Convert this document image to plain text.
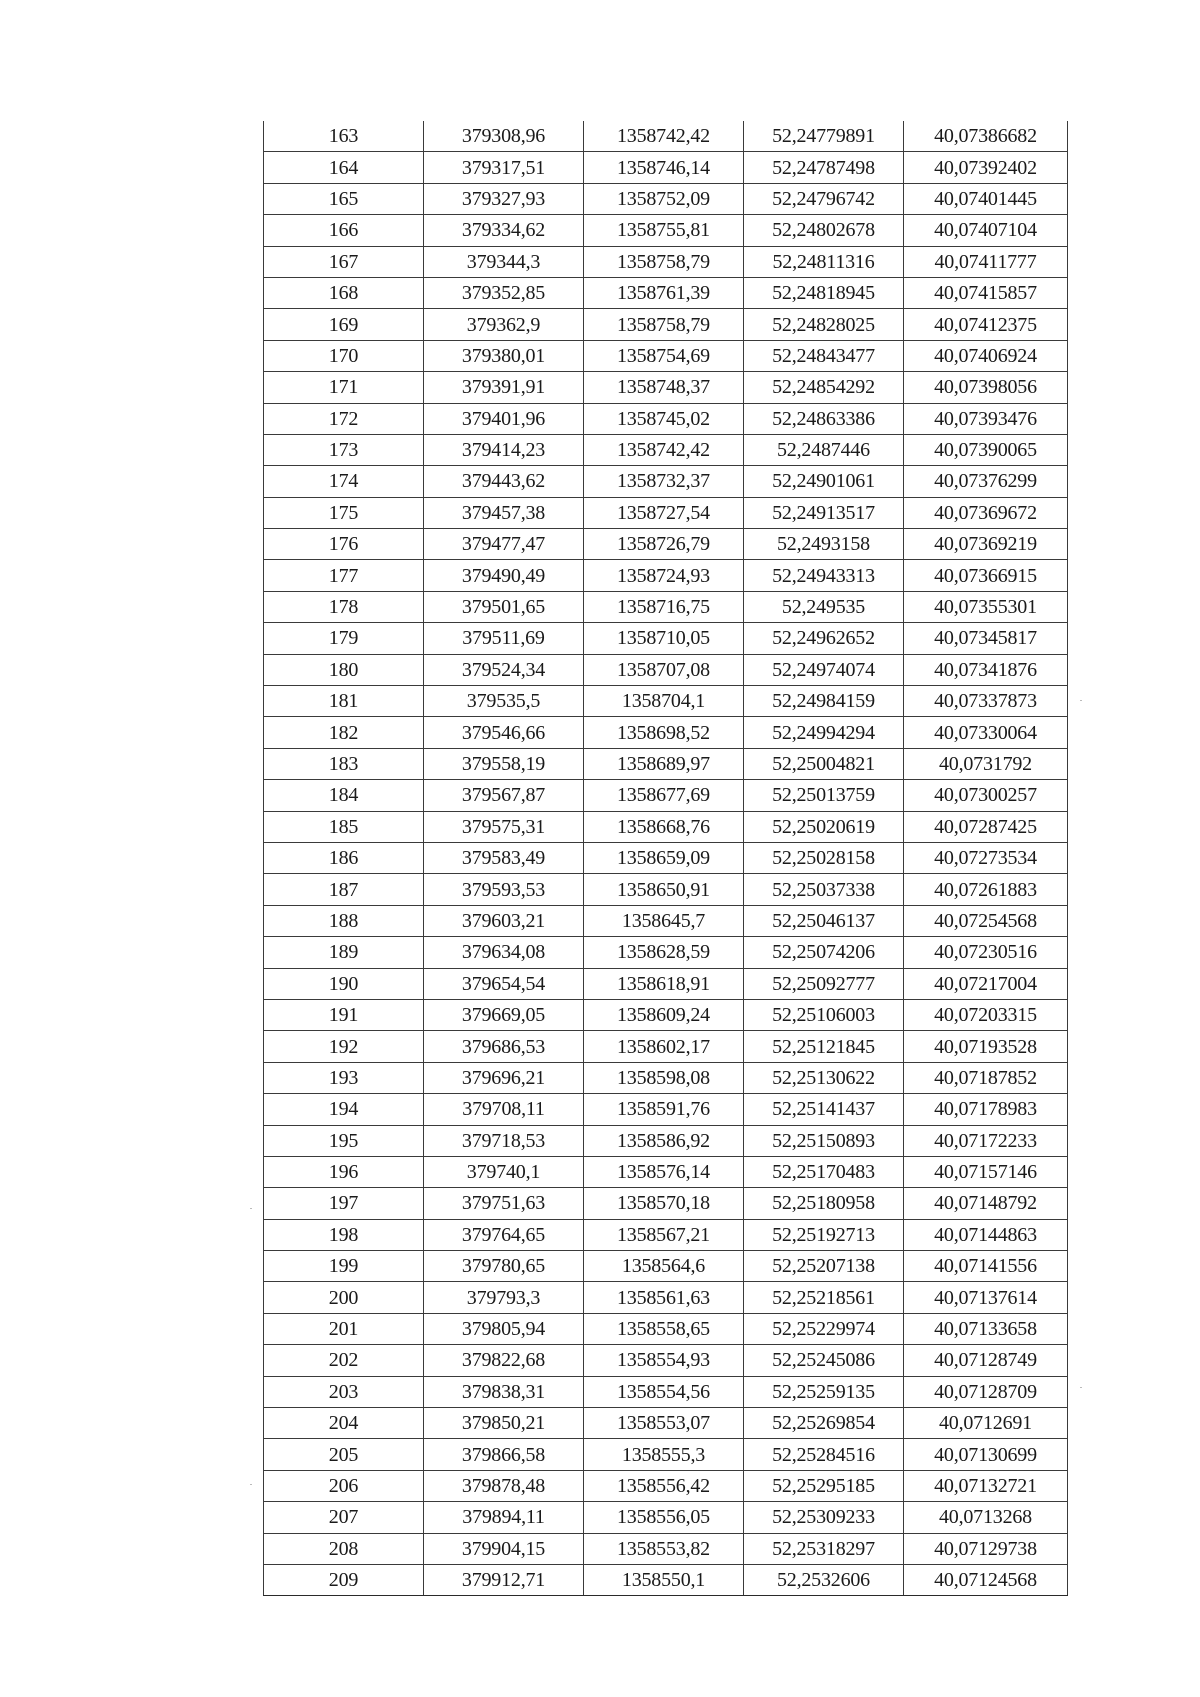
163	379308,96	1358742,42	52,24779891	40,07386682
164	379317,51	1358746,14	52,24787498	40,07392402
165	379327,93	1358752,09	52,24796742	40,07401445
166	379334,62	1358755,81	52,24802678	40,07407104
167	379344,3	1358758,79	52,24811316	40,07411777
168	379352,85	1358761,39	52,24818945	40,07415857
169	379362,9	1358758,79	52,24828025	40,07412375
170	379380,01	1358754,69	52,24843477	40,07406924
171	379391,91	1358748,37	52,24854292	40,07398056
172	379401,96	1358745,02	52,24863386	40,07393476
173	379414,23	1358742,42	52,2487446	40,07390065
174	379443,62	1358732,37	52,24901061	40,07376299
175	379457,38	1358727,54	52,24913517	40,07369672
176	379477,47	1358726,79	52,2493158	40,07369219
177	379490,49	1358724,93	52,24943313	40,07366915
178	379501,65	1358716,75	52,249535	40,07355301
179	379511,69	1358710,05	52,24962652	40,07345817
180	379524,34	1358707,08	52,24974074	40,07341876
181	379535,5	1358704,1	52,24984159	40,07337873
182	379546,66	1358698,52	52,24994294	40,07330064
183	379558,19	1358689,97	52,25004821	40,0731792
184	379567,87	1358677,69	52,25013759	40,07300257
185	379575,31	1358668,76	52,25020619	40,07287425
186	379583,49	1358659,09	52,25028158	40,07273534
187	379593,53	1358650,91	52,25037338	40,07261883
188	379603,21	1358645,7	52,25046137	40,07254568
189	379634,08	1358628,59	52,25074206	40,07230516
190	379654,54	1358618,91	52,25092777	40,07217004
191	379669,05	1358609,24	52,25106003	40,07203315
192	379686,53	1358602,17	52,25121845	40,07193528
193	379696,21	1358598,08	52,25130622	40,07187852
194	379708,11	1358591,76	52,25141437	40,07178983
195	379718,53	1358586,92	52,25150893	40,07172233
196	379740,1	1358576,14	52,25170483	40,07157146
197	379751,63	1358570,18	52,25180958	40,07148792
198	379764,65	1358567,21	52,25192713	40,07144863
199	379780,65	1358564,6	52,25207138	40,07141556
200	379793,3	1358561,63	52,25218561	40,07137614
201	379805,94	1358558,65	52,25229974	40,07133658
202	379822,68	1358554,93	52,25245086	40,07128749
203	379838,31	1358554,56	52,25259135	40,07128709
204	379850,21	1358553,07	52,25269854	40,0712691
205	379866,58	1358555,3	52,25284516	40,07130699
206	379878,48	1358556,42	52,25295185	40,07132721
207	379894,11	1358556,05	52,25309233	40,0713268
208	379904,15	1358553,82	52,25318297	40,07129738
209	379912,71	1358550,1	52,2532606	40,07124568
